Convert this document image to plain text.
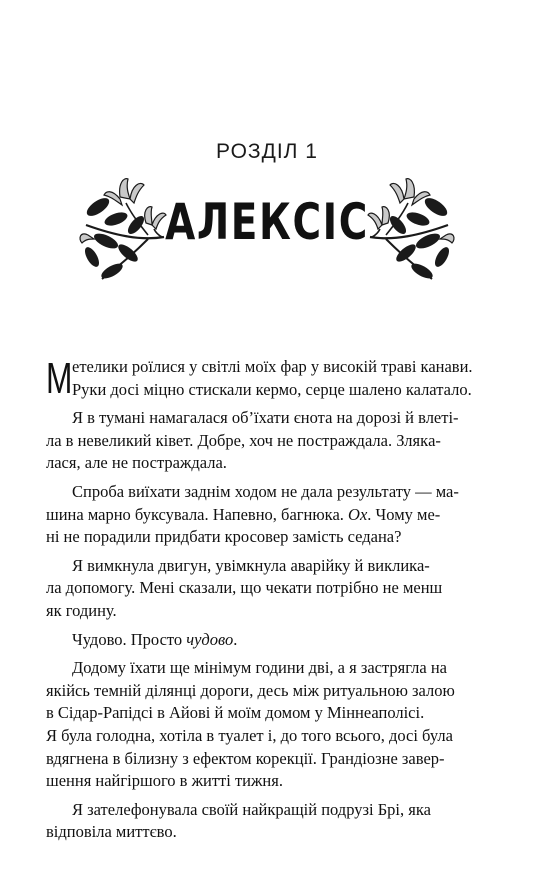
РОЗДІЛ 1
АЛЕКСІС
М етелики роїлися у світлі моїх фар у високій траві канави.
Руки досі міцно стискали кермо, серце шалено калатало.
Я в тумані намагалася об’їхати єнота на дорозі й влеті-
ла в невеликий ківет. Добре, хоч не постраждала. Злякa-
лася, але не постраждала.
Спроба виїхати заднім ходом не дала результату — ма-
шина марно буксувала. Напевно, багнюка. Ох. Чому ме-
ні не порадили придбати кросовер замість седана?
Я вимкнула двигун, увімкнула аварійку й виклика-
ла допомогу. Мені сказали, що чекати потрібно не менш
як годину.
Чудово. Просто чудово.
Додому їхати ще мінімум години дві, а я застрягла на
якійсь темній ділянці дороги, десь між ритуальною залою
в Сідар-Рапідсі в Айові й моїм домом у Міннеаполісі.
Я була голодна, хотіла в туалет і, до того всього, досі була
вдягнена в білизну з ефектом корекції. Грандіозне завер-
шення найгіршого в житті тижня.
Я зателефонувала своїй найкращій подрузі Брі, яка
відповіла миттєво.
